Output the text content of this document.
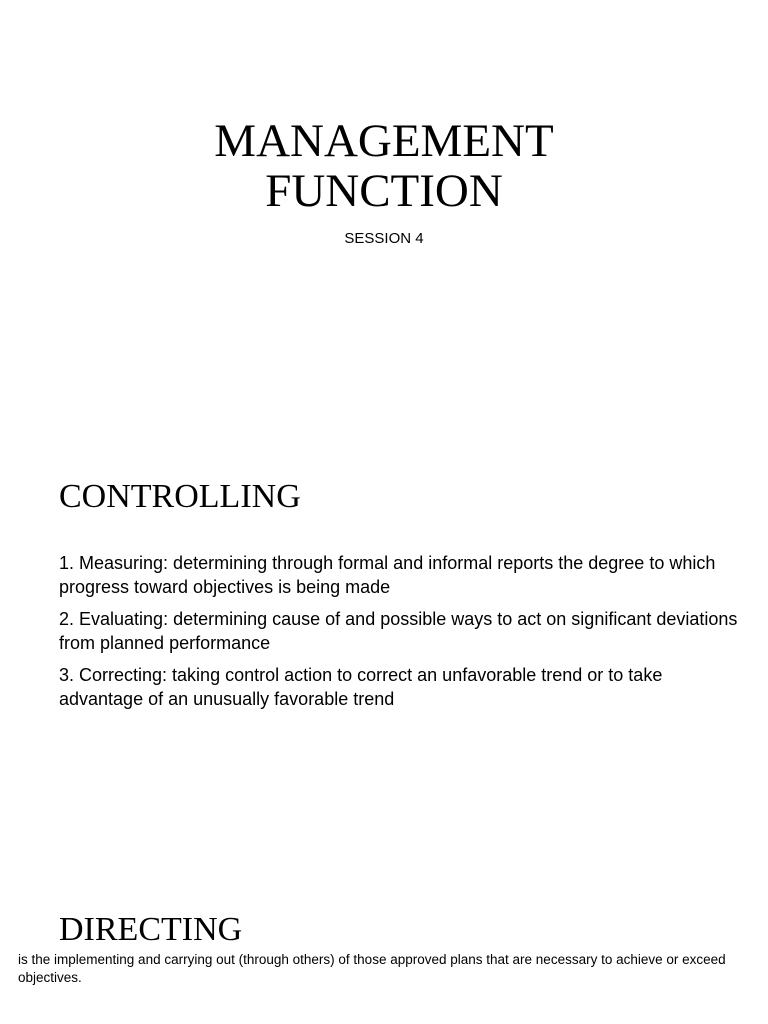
MANAGEMENT
FUNCTION

SESSION 4

CONTROLLING
1. Measuring: determining through formal and informal reports the degree to which progress toward objectives is being made
2. Evaluating: determining cause of and possible ways to act on significant deviations from planned performance
3. Correcting: taking control action to correct an unfavorable trend or to take advantage of an unusually favorable trend
DIRECTING

is the implementing and carrying out (through others) of those approved plans that are necessary to achieve or exceed objectives.
